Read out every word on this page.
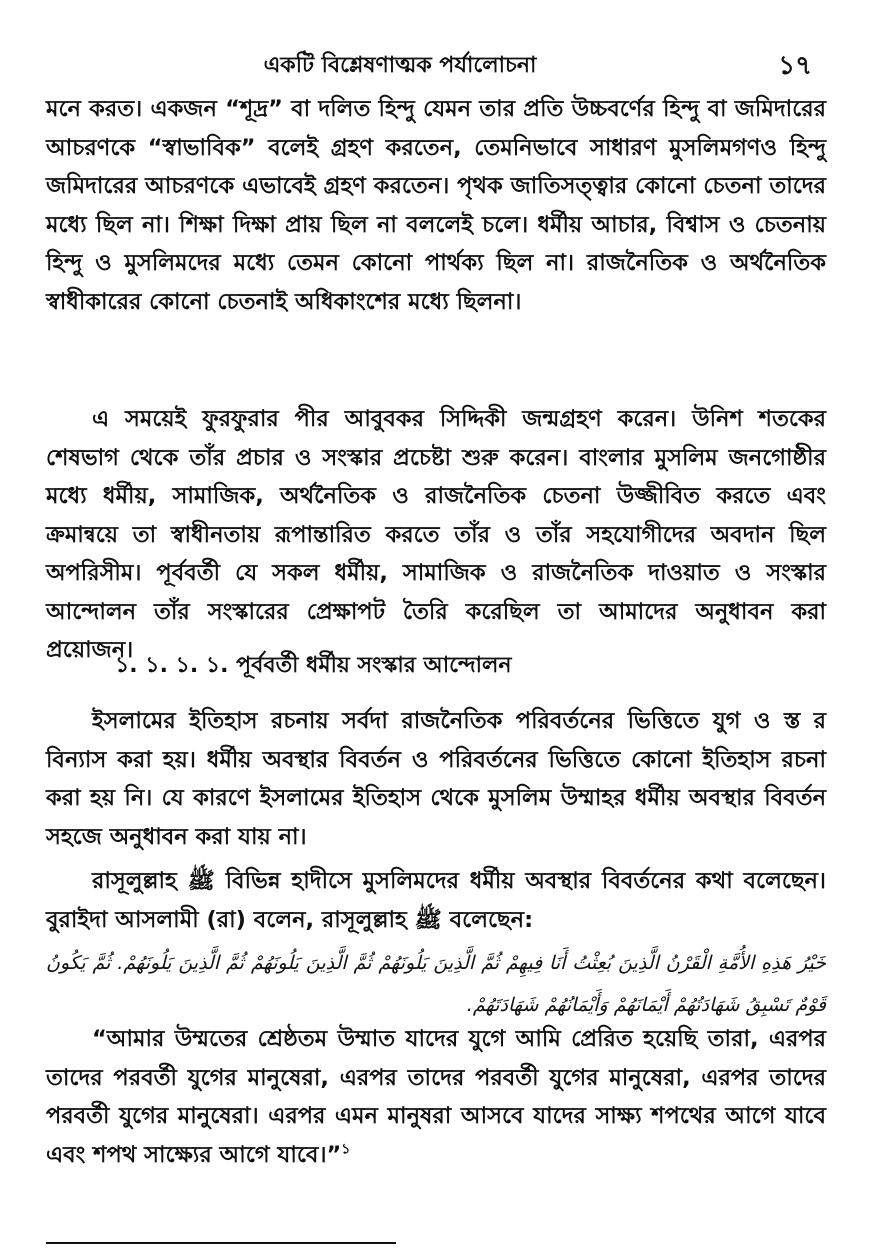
একটি বিশ্লেষণাত্মক পর্যালোচনা	১৭

মনে করত। একজন “শূদ্র” বা দলিত হিন্দু যেমন তার প্রতি উচ্চবর্ণের হিন্দু বা জমিদারের আচরণকে “স্বাভাবিক” বলেই গ্রহণ করতেন, তেমনিভাবে সাধারণ মুসলিমগণও হিন্দু জমিদারের আচরণকে এভাবেই গ্রহণ করতেন। পৃথক জাতিসত্ত্বার কোনো চেতনা তাদের মধ্যে ছিল না। শিক্ষা দিক্ষা প্রায় ছিল না বললেই চলে। ধর্মীয় আচার, বিশ্বাস ও চেতনায় হিন্দু ও মুসলিমদের মধ্যে তেমন কোনো পার্থক্য ছিল না। রাজনৈতিক ও অর্থনৈতিক স্বাধীকারের কোনো চেতনাই অধিকাংশের মধ্যে ছিলনা।

এ সময়েই ফুরফুরার পীর আবুবকর সিদ্দিকী জন্মগ্রহণ করেন। উনিশ শতকের শেষভাগ থেকে তাঁর প্রচার ও সংস্কার প্রচেষ্টা শুরু করেন। বাংলার মুসলিম জনগোষ্ঠীর মধ্যে ধর্মীয়, সামাজিক, অর্থনৈতিক ও রাজনৈতিক চেতনা উজ্জীবিত করতে এবং ক্রমান্বয়ে তা স্বাধীনতায় রূপান্তারিত করতে তাঁর ও তাঁর সহযোগীদের অবদান ছিল অপরিসীম। পূর্ববর্তী যে সকল ধর্মীয়, সামাজিক ও রাজনৈতিক দাওয়াত ও সংস্কার আন্দোলন তাঁর সংস্কারের প্রেক্ষাপট তৈরি করেছিল তা আমাদের অনুধাবন করা প্রয়োজন।

১. ১. ১. ১. পূর্ববর্তী ধর্মীয় সংস্কার আন্দোলন

ইসলামের ইতিহাস রচনায় সর্বদা রাজনৈতিক পরিবর্তনের ভিত্তিতে যুগ ও স্ত র বিন্যাস করা হয়। ধর্মীয় অবস্থার বিবর্তন ও পরিবর্তনের ভিত্তিতে কোনো ইতিহাস রচনা করা হয় নি। যে কারণে ইসলামের ইতিহাস থেকে মুসলিম উম্মাহর ধর্মীয় অবস্থার বিবর্তন সহজে অনুধাবন করা যায় না।

রাসূলুল্লাহ ﷺ বিভিন্ন হাদীসে মুসলিমদের ধর্মীয় অবস্থার বিবর্তনের কথা বলেছেন। বুরাইদা আসলামী (রা) বলেন, রাসূলুল্লাহ ﷺ বলেছেন:

خَيْرُ هَذِهِ الأُمَّةِ الْقَرْنُ الَّذِينَ بُعِثْتُ أَنَا فِيهِمْ ثُمَّ الَّذِينَ يَلُونَهُمْ ثُمَّ الَّذِينَ يَلُونَهُمْ ثُمَّ الَّذِينَ يَلُونَهُمْ. ثُمَّ يَكُونُ قَوْمٌ تَسْبِقُ شَهَادَتُهُمْ أَيْمَانَهُمْ وَأَيْمَانُهُمْ شَهَادَتَهُمْ.

“আমার উম্মতের শ্রেষ্ঠতম উম্মাত যাদের যুগে আমি প্রেরিত হয়েছি তারা, এরপর তাদের পরবর্তী যুগের মানুষেরা, এরপর তাদের পরবর্তী যুগের মানুষেরা, এরপর তাদের পরবর্তী যুগের মানুষেরা। এরপর এমন মানুষরা আসবে যাদের সাক্ষ্য শপথের আগে যাবে এবং শপথ সাক্ষ্যের আগে যাবে।”$^১$
